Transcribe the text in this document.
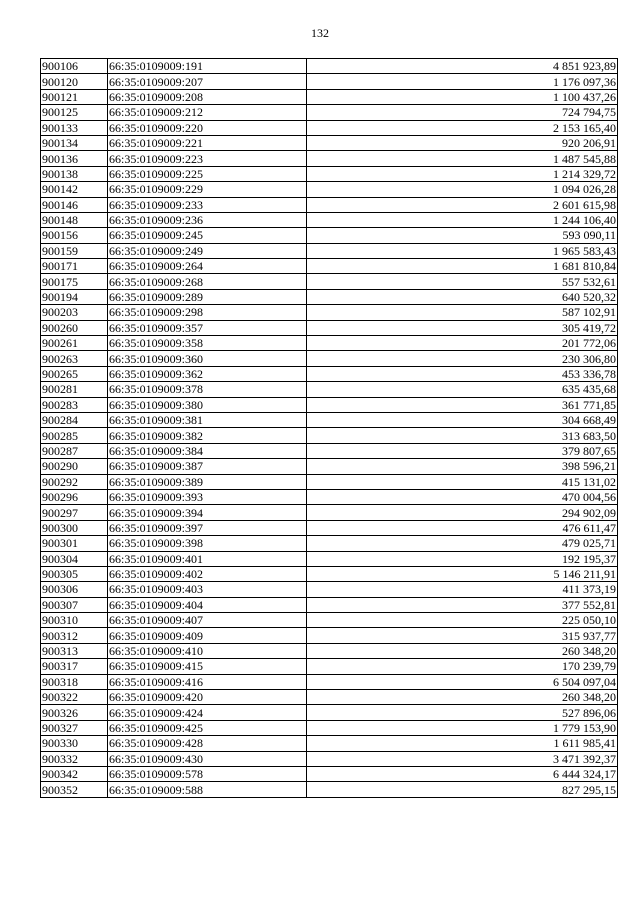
132
900106	66:35:0109009:191	4 851 923,89
900120	66:35:0109009:207	1 176 097,36
900121	66:35:0109009:208	1 100 437,26
900125	66:35:0109009:212	724 794,75
900133	66:35:0109009:220	2 153 165,40
900134	66:35:0109009:221	920 206,91
900136	66:35:0109009:223	1 487 545,88
900138	66:35:0109009:225	1 214 329,72
900142	66:35:0109009:229	1 094 026,28
900146	66:35:0109009:233	2 601 615,98
900148	66:35:0109009:236	1 244 106,40
900156	66:35:0109009:245	593 090,11
900159	66:35:0109009:249	1 965 583,43
900171	66:35:0109009:264	1 681 810,84
900175	66:35:0109009:268	557 532,61
900194	66:35:0109009:289	640 520,32
900203	66:35:0109009:298	587 102,91
900260	66:35:0109009:357	305 419,72
900261	66:35:0109009:358	201 772,06
900263	66:35:0109009:360	230 306,80
900265	66:35:0109009:362	453 336,78
900281	66:35:0109009:378	635 435,68
900283	66:35:0109009:380	361 771,85
900284	66:35:0109009:381	304 668,49
900285	66:35:0109009:382	313 683,50
900287	66:35:0109009:384	379 807,65
900290	66:35:0109009:387	398 596,21
900292	66:35:0109009:389	415 131,02
900296	66:35:0109009:393	470 004,56
900297	66:35:0109009:394	294 902,09
900300	66:35:0109009:397	476 611,47
900301	66:35:0109009:398	479 025,71
900304	66:35:0109009:401	192 195,37
900305	66:35:0109009:402	5 146 211,91
900306	66:35:0109009:403	411 373,19
900307	66:35:0109009:404	377 552,81
900310	66:35:0109009:407	225 050,10
900312	66:35:0109009:409	315 937,77
900313	66:35:0109009:410	260 348,20
900317	66:35:0109009:415	170 239,79
900318	66:35:0109009:416	6 504 097,04
900322	66:35:0109009:420	260 348,20
900326	66:35:0109009:424	527 896,06
900327	66:35:0109009:425	1 779 153,90
900330	66:35:0109009:428	1 611 985,41
900332	66:35:0109009:430	3 471 392,37
900342	66:35:0109009:578	6 444 324,17
900352	66:35:0109009:588	827 295,15
